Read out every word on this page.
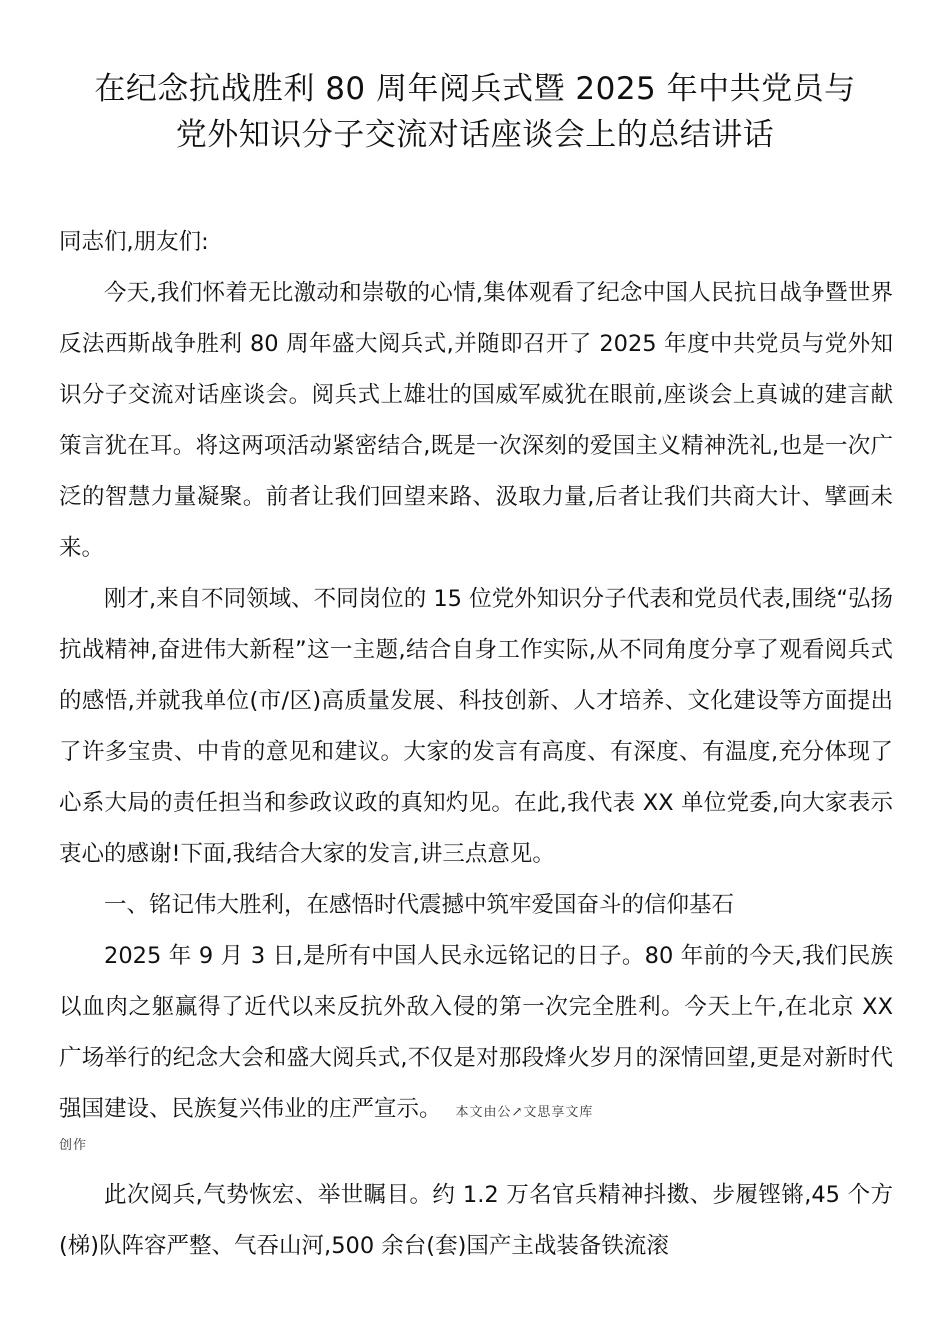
在纪念抗战胜利 80 周年阅兵式暨 2025 年中共党员与
党外知识分子交流对话座谈会上的总结讲话

同志们,朋友们:

今天,我们怀着无比激动和崇敬的心情,集体观看了纪念中国人民抗日战争暨世界反法西斯战争胜利 80 周年盛大阅兵式,并随即召开了 2025 年度中共党员与党外知识分子交流对话座谈会。阅兵式上雄壮的国威军威犹在眼前,座谈会上真诚的建言献策言犹在耳。将这两项活动紧密结合,既是一次深刻的爱国主义精神洗礼,也是一次广泛的智慧力量凝聚。前者让我们回望来路、汲取力量,后者让我们共商大计、擘画未来。

刚才,来自不同领域、不同岗位的 15 位党外知识分子代表和党员代表,围绕“弘扬抗战精神,奋进伟大新程”这一主题,结合自身工作实际,从不同角度分享了观看阅兵式的感悟,并就我单位(市/区)高质量发展、科技创新、人才培养、文化建设等方面提出了许多宝贵、中肯的意见和建议。大家的发言有高度、有深度、有温度,充分体现了心系大局的责任担当和参政议政的真知灼见。在此,我代表 XX 单位党委,向大家表示衷心的感谢!下面,我结合大家的发言,讲三点意见。

一、铭记伟大胜利，在感悟时代震撼中筑牢爱国奋斗的信仰基石

2025 年 9 月 3 日,是所有中国人民永远铭记的日子。80 年前的今天,我们民族以血肉之躯赢得了近代以来反抗外敌入侵的第一次完全胜利。今天上午,在北京 XX 广场举行的纪念大会和盛大阅兵式,不仅是对那段烽火岁月的深情回望,更是对新时代强国建设、民族复兴伟业的庄严宣示。 本文由公↗文思享文库

创作

此次阅兵,气势恢宏、举世瞩目。约 1.2 万名官兵精神抖擞、步履铿锵,45 个方(梯)队阵容严整、气吞山河,500 余台(套)国产主战装备铁流滚
